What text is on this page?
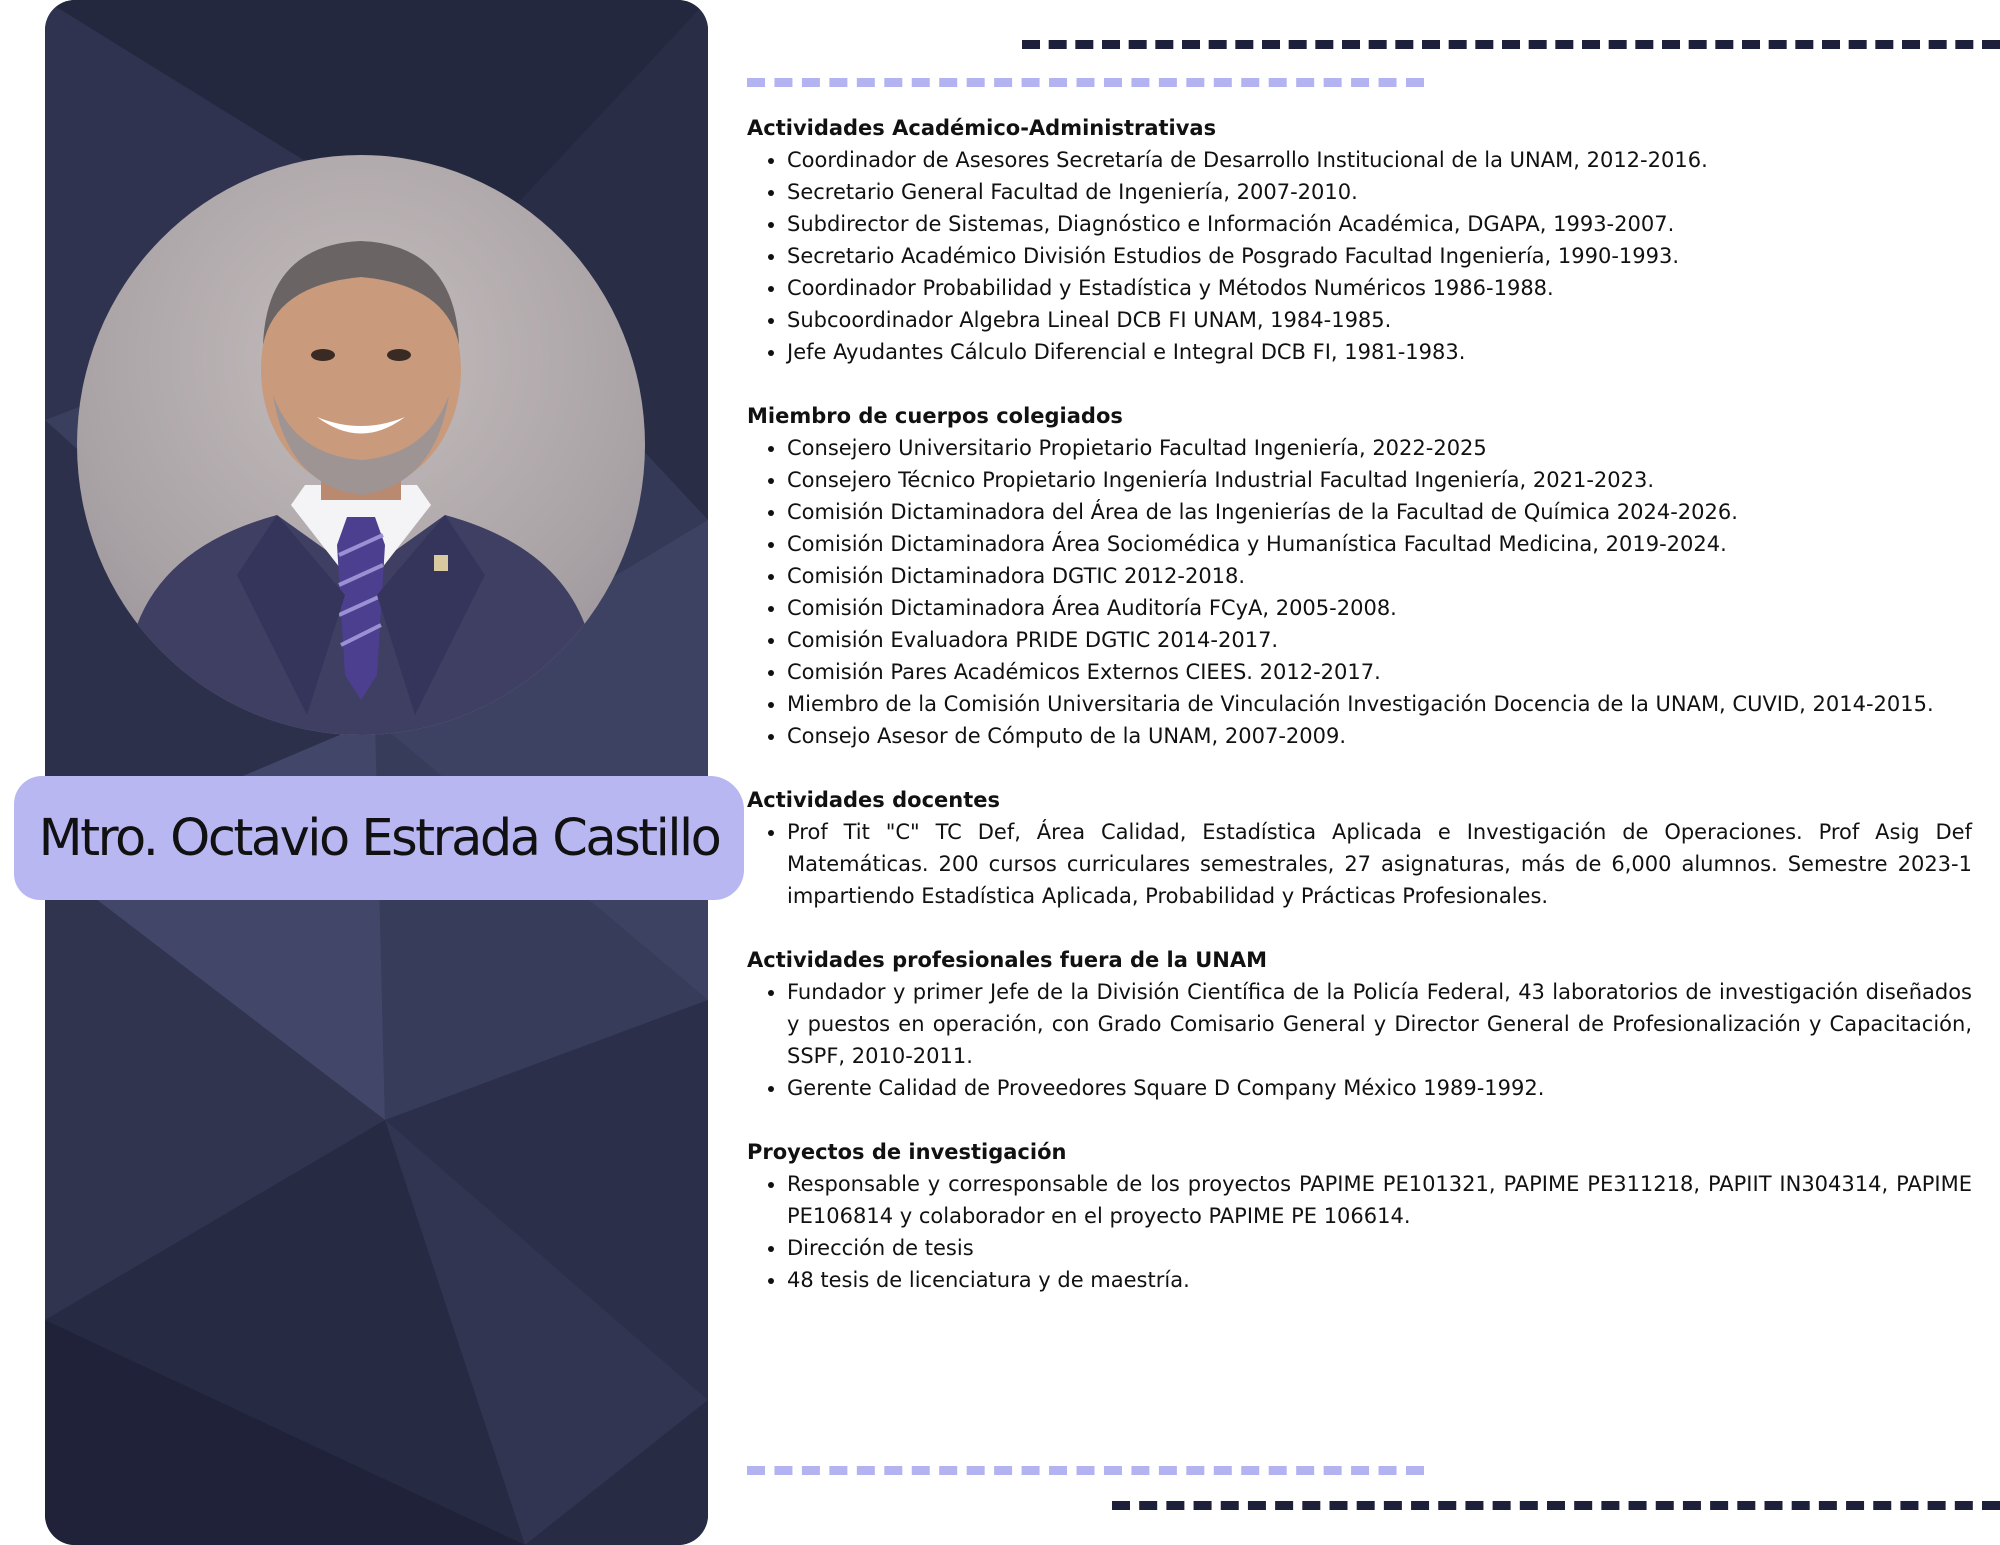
Mtro. Octavio Estrada Castillo
Actividades Académico-Administrativas
• Coordinador de Asesores Secretaría de Desarrollo Institucional de la UNAM, 2012-2016.
• Secretario General Facultad de Ingeniería, 2007-2010.
• Subdirector de Sistemas, Diagnóstico e Información Académica, DGAPA, 1993-2007.
• Secretario Académico División Estudios de Posgrado Facultad Ingeniería, 1990-1993.
• Coordinador Probabilidad y Estadística y Métodos Numéricos 1986-1988.
• Subcoordinador Algebra Lineal DCB FI UNAM, 1984-1985.
• Jefe Ayudantes Cálculo Diferencial e Integral DCB FI, 1981-1983.
Miembro de cuerpos colegiados
• Consejero Universitario Propietario Facultad Ingeniería, 2022-2025
• Consejero Técnico Propietario Ingeniería Industrial Facultad Ingeniería, 2021-2023.
• Comisión Dictaminadora del Área de las Ingenierías de la Facultad de Química 2024-2026.
• Comisión Dictaminadora Área Sociomédica y Humanística Facultad Medicina, 2019-2024.
• Comisión Dictaminadora DGTIC 2012-2018.
• Comisión Dictaminadora Área Auditoría FCyA, 2005-2008.
• Comisión Evaluadora PRIDE DGTIC 2014-2017.
• Comisión Pares Académicos Externos CIEES. 2012-2017.
• Miembro de la Comisión Universitaria de Vinculación Investigación Docencia de la UNAM, CUVID, 2014-2015.
• Consejo Asesor de Cómputo de la UNAM, 2007-2009.
Actividades docentes
• Prof Tit "C" TC Def, Área Calidad, Estadística Aplicada e Investigación de Operaciones. Prof Asig Def Matemáticas. 200 cursos curriculares semestrales, 27 asignaturas, más de 6,000 alumnos. Semestre 2023-1 impartiendo Estadística Aplicada, Probabilidad y Prácticas Profesionales.
Actividades profesionales fuera de la UNAM
• Fundador y primer Jefe de la División Científica de la Policía Federal, 43 laboratorios de investigación diseñados y puestos en operación, con Grado Comisario General y Director General de Profesionalización y Capacitación, SSPF, 2010-2011.
• Gerente Calidad de Proveedores Square D Company México 1989-1992.
Proyectos de investigación
• Responsable y corresponsable de los proyectos PAPIME PE101321, PAPIME PE311218, PAPIIT IN304314, PAPIME PE106814 y colaborador en el proyecto PAPIME PE 106614.
• Dirección de tesis
• 48 tesis de licenciatura y de maestría.
